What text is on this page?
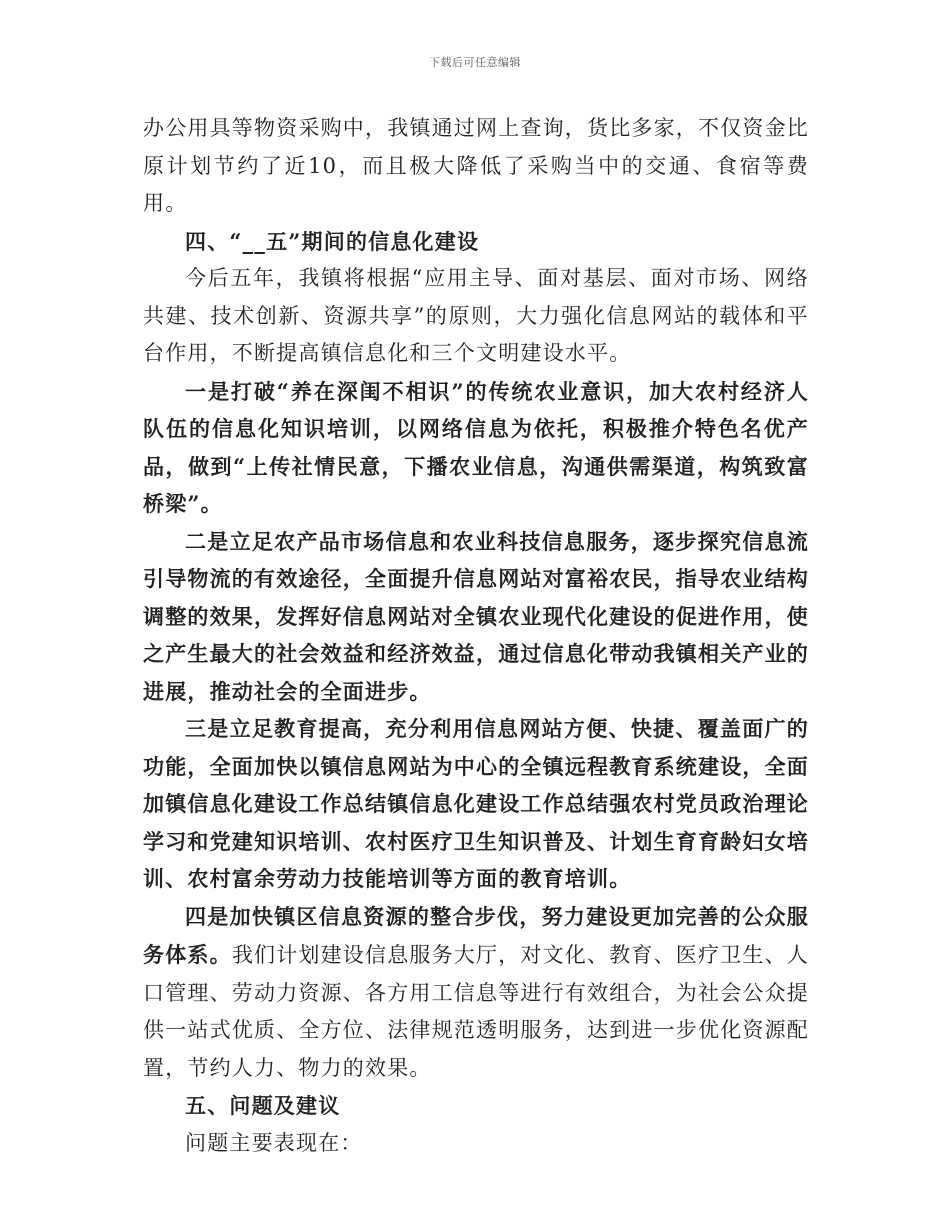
下载后可任意编辑

办公用具等物资采购中，我镇通过网上查询，货比多家，不仅资金比原计划节约了近10，而且极大降低了采购当中的交通、食宿等费用。

四、“__五”期间的信息化建设

今后五年，我镇将根据“应用主导、面对基层、面对市场、网络共建、技术创新、资源共享”的原则，大力强化信息网站的载体和平台作用，不断提高镇信息化和三个文明建设水平。

一是打破“养在深闺不相识”的传统农业意识，加大农村经济人队伍的信息化知识培训，以网络信息为依托，积极推介特色名优产品，做到“上传社情民意，下播农业信息，沟通供需渠道，构筑致富桥梁”。

二是立足农产品市场信息和农业科技信息服务，逐步探究信息流引导物流的有效途径，全面提升信息网站对富裕农民，指导农业结构调整的效果，发挥好信息网站对全镇农业现代化建设的促进作用，使之产生最大的社会效益和经济效益，通过信息化带动我镇相关产业的进展，推动社会的全面进步。

三是立足教育提高，充分利用信息网站方便、快捷、覆盖面广的功能，全面加快以镇信息网站为中心的全镇远程教育系统建设，全面加镇信息化建设工作总结镇信息化建设工作总结强农村党员政治理论学习和党建知识培训、农村医疗卫生知识普及、计划生育育龄妇女培训、农村富余劳动力技能培训等方面的教育培训。

四是加快镇区信息资源的整合步伐，努力建设更加完善的公众服务体系。我们计划建设信息服务大厅，对文化、教育、医疗卫生、人口管理、劳动力资源、各方用工信息等进行有效组合，为社会公众提供一站式优质、全方位、法律规范透明服务，达到进一步优化资源配置，节约人力、物力的效果。

五、问题及建议

问题主要表现在：
